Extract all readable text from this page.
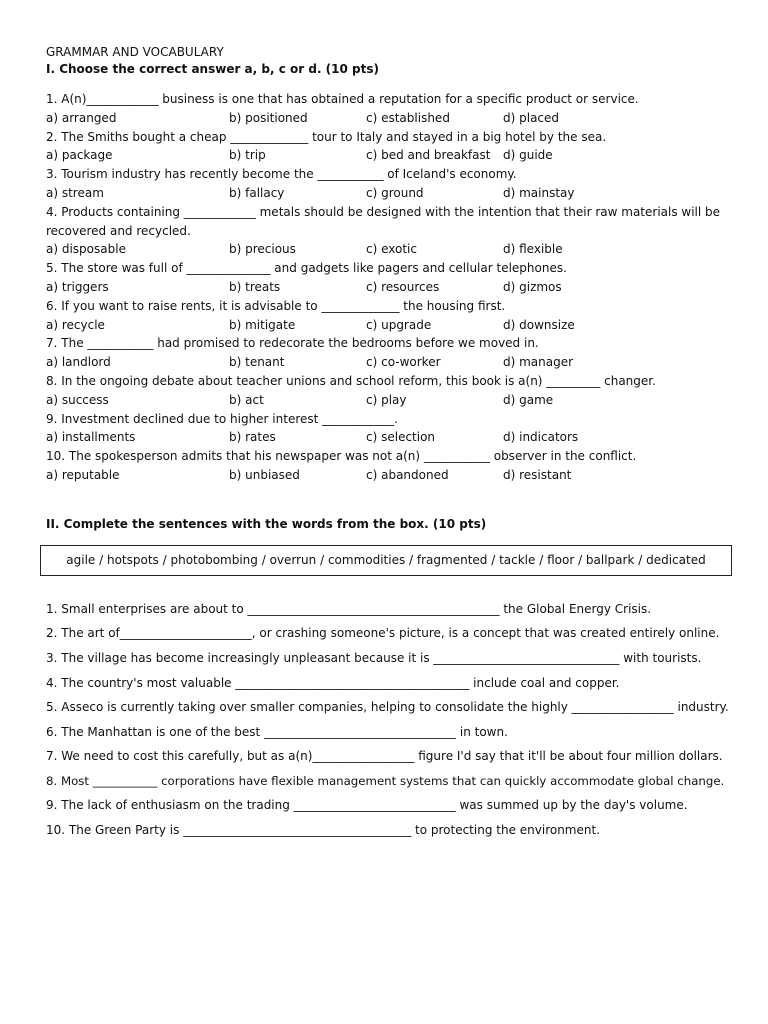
GRAMMAR AND VOCABULARY
I. Choose the correct answer a, b, c or d. (10 pts)
1. A(n)____________ business is one that has obtained a reputation for a specific product or service.
a) arranged	b) positioned	c) established	d) placed
2. The Smiths bought a cheap _____________ tour to Italy and stayed in a big hotel by the sea.
a) package	b) trip	c) bed and breakfast	d) guide
3. Tourism industry has recently become the ___________ of Iceland's economy.
a) stream	b) fallacy	c) ground	d) mainstay
4. Products containing ____________ metals should be designed with the intention that their raw materials will be recovered and recycled.
a) disposable	b) precious	c) exotic	d) flexible
5. The store was full of ______________ and gadgets like pagers and cellular telephones.
a) triggers	b) treats	c) resources	d) gizmos
6. If you want to raise rents, it is advisable to _____________ the housing first.
a) recycle	b) mitigate	c) upgrade	d) downsize
7. The ___________ had promised to redecorate the bedrooms before we moved in.
a) landlord	b) tenant	c) co-worker	d) manager
8. In the ongoing debate about teacher unions and school reform, this book is a(n) _________ changer.
a) success	b) act	c) play	d) game
9. Investment declined due to higher interest ____________.
a) installments	b) rates	c) selection	d) indicators
10. The spokesperson admits that his newspaper was not a(n) ___________ observer in the conflict.
a) reputable	b) unbiased	c) abandoned	d) resistant
II. Complete the sentences with the words from the box. (10 pts)
agile / hotspots / photobombing / overrun / commodities / fragmented / tackle / floor / ballpark / dedicated
1. Small enterprises are about to __________________________________________ the Global Energy Crisis.
2. The art of______________________, or crashing someone's picture, is a concept that was created entirely online.
3. The village has become increasingly unpleasant because it is _______________________________ with tourists.
4. The country's most valuable _______________________________________ include coal and copper.
5. Asseco is currently taking over smaller companies, helping to consolidate the highly _________________ industry.
6. The Manhattan is one of the best ________________________________ in town.
7. We need to cost this carefully, but as a(n)_________________ figure I'd say that it'll be about four million dollars.
8. Most ___________ corporations have flexible management systems that can quickly accommodate global change.
9. The lack of enthusiasm on the trading ___________________________ was summed up by the day's volume.
10. The Green Party is ______________________________________ to protecting the environment.
